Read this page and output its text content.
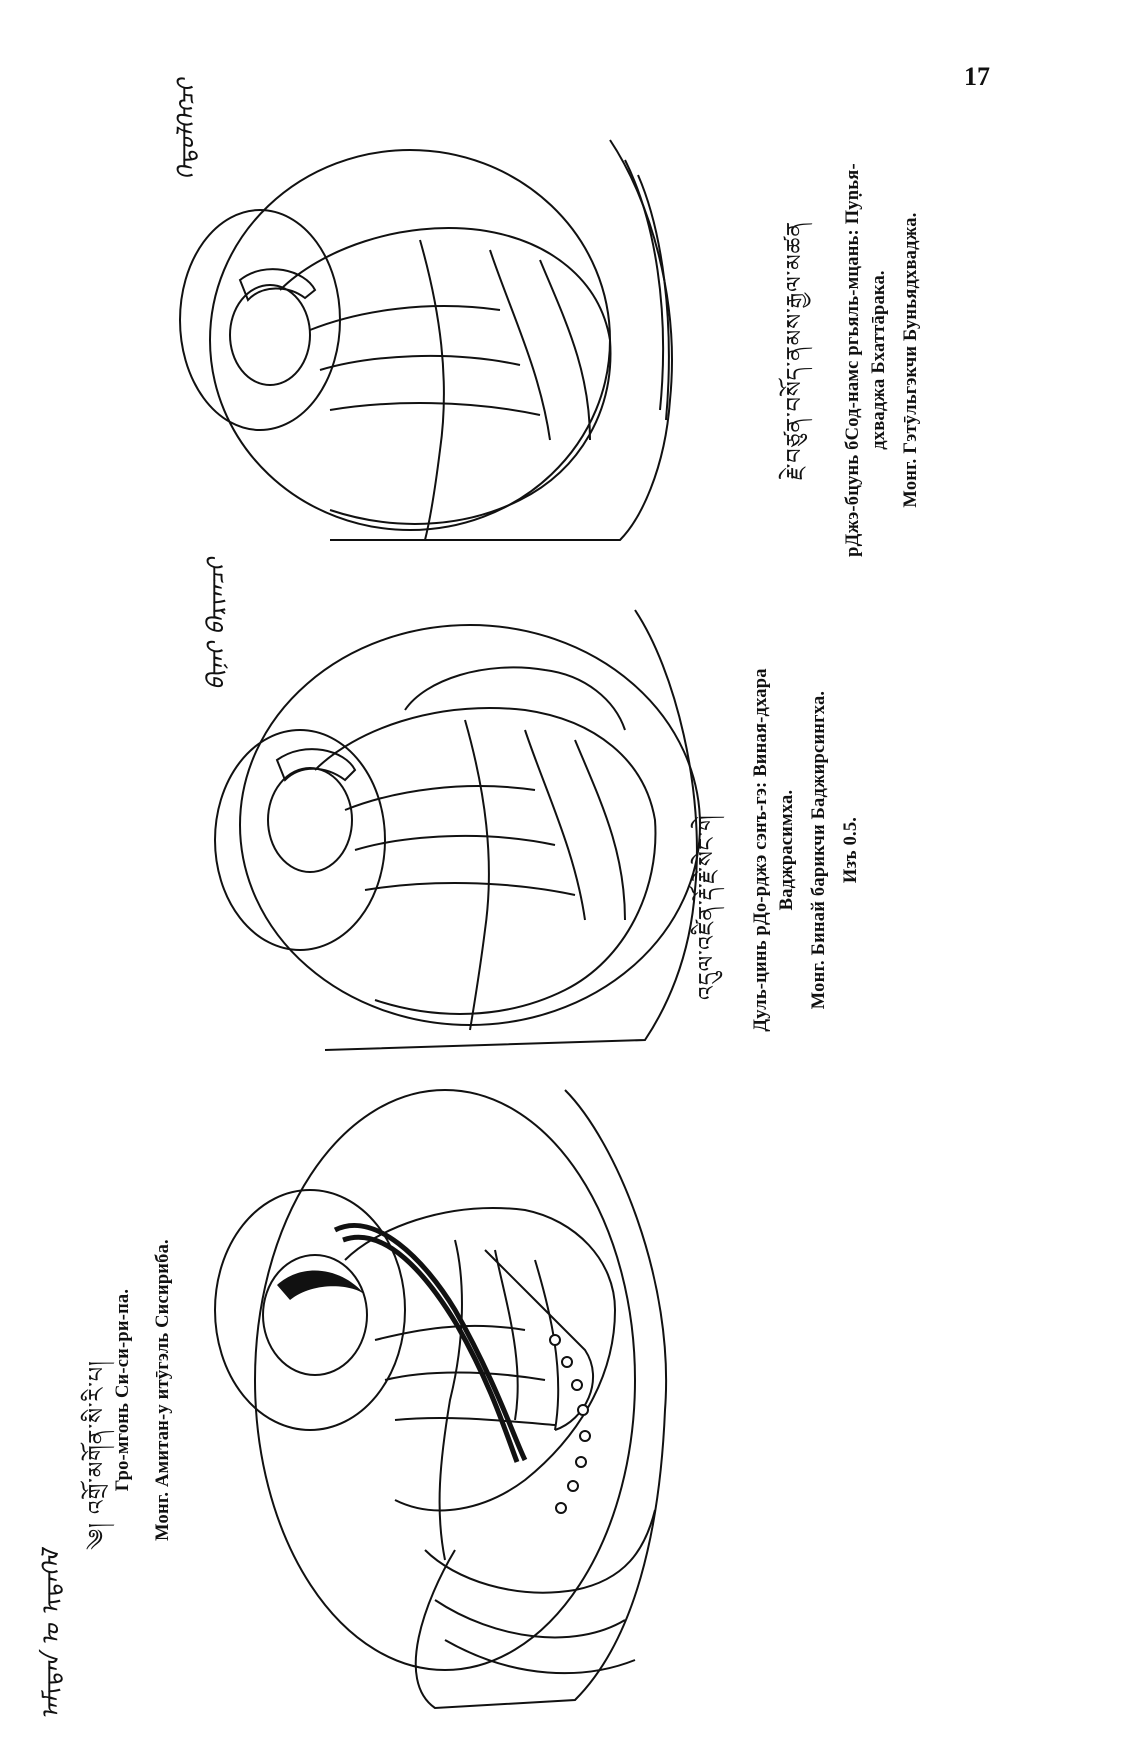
17
Гро-мгонь Си-си-ри-па. Монг. Амитан-у итӯгэль Сисириба.
༄། འགྲོ་མགོན་སི་རི་པ།
ᠠᠮᠢᠲᠠᠨ ᠤ ᠢᠲᠡᠭᠡᠯ
Дуль-цинь рДо-рджэ сэнъ-гэ: Виная-дхара Ваджрасимха. Монг. Бинай барикчи Баджирсингха. Изъ 0.5.
འདུལ་འཛིན་རྡོ་རྗེ་སེང་གེ
ᠪᠢᠨᠠᠢ ᠪᠠᠷᠢᠭᠴᠢ
рДжэ-бцунь бСод-намс ргьяль-мцань: Пуṇья- дхваджа Бхаттāрака. Монг. Гэтӯльгэкчи Буньядхваджа.
རྗེ་བཙུན་བསོད་ནམས་རྒྱལ་མཚན
ᠭᠡᠲᠦᠯᠭᠡᠭᠴᠢ
